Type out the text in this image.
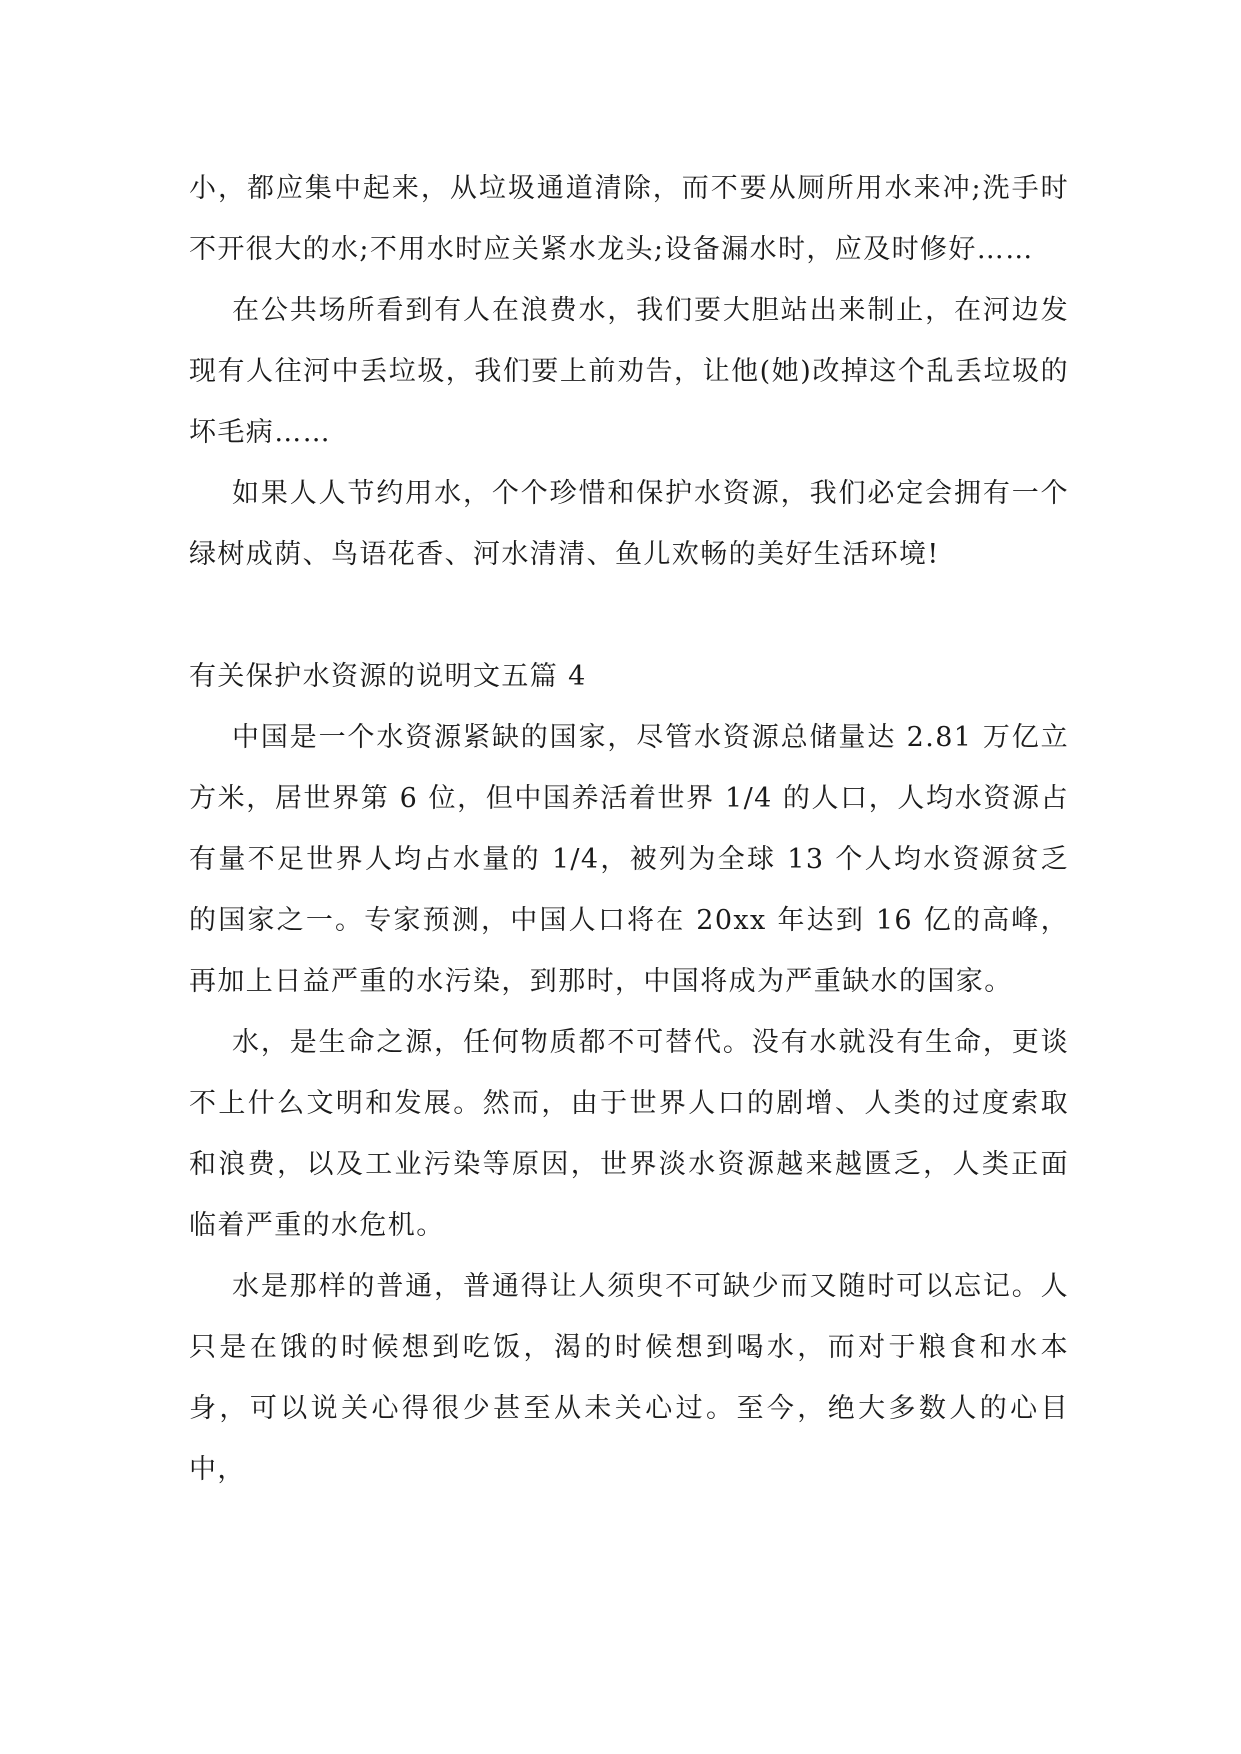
小，都应集中起来，从垃圾通道清除，而不要从厕所用水来冲;洗手时不开很大的水;不用水时应关紧水龙头;设备漏水时，应及时修好……

在公共场所看到有人在浪费水，我们要大胆站出来制止，在河边发现有人往河中丢垃圾，我们要上前劝告，让他(她)改掉这个乱丢垃圾的坏毛病……

如果人人节约用水，个个珍惜和保护水资源，我们必定会拥有一个绿树成荫、鸟语花香、河水清清、鱼儿欢畅的美好生活环境!

有关保护水资源的说明文五篇 4

中国是一个水资源紧缺的国家，尽管水资源总储量达 2.81 万亿立方米，居世界第 6 位，但中国养活着世界 1/4 的人口，人均水资源占有量不足世界人均占水量的 1/4，被列为全球 13 个人均水资源贫乏的国家之一。专家预测，中国人口将在 20xx 年达到 16 亿的高峰，再加上日益严重的水污染，到那时，中国将成为严重缺水的国家。

水，是生命之源，任何物质都不可替代。没有水就没有生命，更谈不上什么文明和发展。然而，由于世界人口的剧增、人类的过度索取和浪费，以及工业污染等原因，世界淡水资源越来越匮乏，人类正面临着严重的水危机。

水是那样的普通，普通得让人须臾不可缺少而又随时可以忘记。人只是在饿的时候想到吃饭，渴的时候想到喝水，而对于粮食和水本身，可以说关心得很少甚至从未关心过。至今，绝大多数人的心目中，
